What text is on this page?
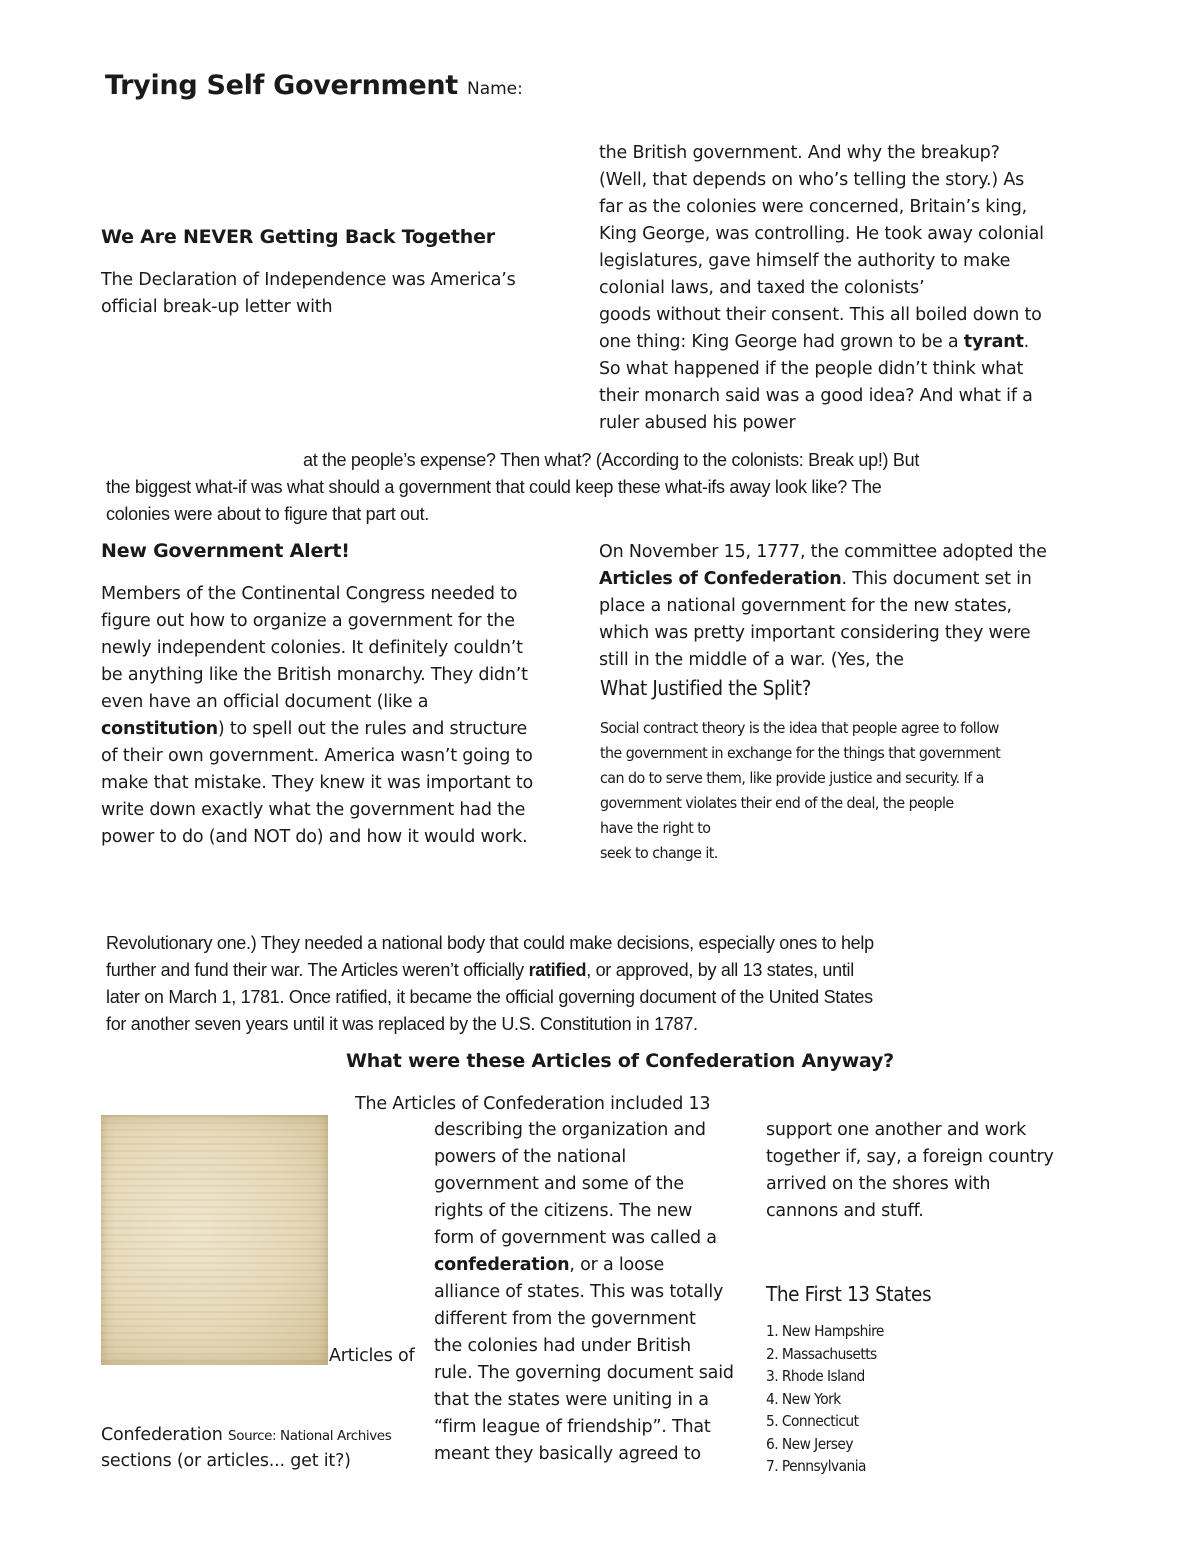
Trying Self Government Name:
We Are NEVER Getting Back Together
The Declaration of Independence was America’s
official break-up letter with
the British government. And why the breakup?
(Well, that depends on who’s telling the story.) As
far as the colonies were concerned, Britain’s king,
King George, was controlling. He took away colonial
legislatures, gave himself the authority to make
colonial laws, and taxed the colonists’
goods without their consent. This all boiled down to
one thing: King George had grown to be a tyrant.
So what happened if the people didn’t think what
their monarch said was a good idea? And what if a
ruler abused his power
at the people’s expense? Then what? (According to the colonists: Break up!) But
the biggest what-if was what should a government that could keep these what-ifs away look like? The
colonies were about to figure that part out.
New Government Alert!
Members of the Continental Congress needed to
figure out how to organize a government for the
newly independent colonies. It definitely couldn’t
be anything like the British monarchy. They didn’t
even have an official document (like a
constitution) to spell out the rules and structure
of their own government. America wasn’t going to
make that mistake. They knew it was important to
write down exactly what the government had the
power to do (and NOT do) and how it would work.
On November 15, 1777, the committee adopted the
Articles of Confederation. This document set in
place a national government for the new states,
which was pretty important considering they were
still in the middle of a war. (Yes, the
What Justified the Split?
Social contract theory is the idea that people agree to follow
the government in exchange for the things that government
can do to serve them, like provide justice and security. If a
government violates their end of the deal, the people
have the right to
seek to change it.
Revolutionary one.) They needed a national body that could make decisions, especially ones to help
further and fund their war. The Articles weren’t officially ratified, or approved, by all 13 states, until
later on March 1, 1781. Once ratified, it became the official governing document of the United States
for another seven years until it was replaced by the U.S. Constitution in 1787.
What were these Articles of Confederation Anyway?
The Articles of Confederation included 13
describing the organization and
powers of the national
government and some of the
rights of the citizens. The new
form of government was called a
confederation, or a loose
alliance of states. This was totally
different from the government
the colonies had under British
rule. The governing document said
that the states were uniting in a
“firm league of friendship”. That
meant they basically agreed to
support one another and work
together if, say, a foreign country
arrived on the shores with
cannons and stuff.
Articles of
Confederation Source: National Archives
sections (or articles... get it?)
The First 13 States
1. New Hampshire
2. Massachusetts
3. Rhode Island
4. New York
5. Connecticut
6. New Jersey
7. Pennsylvania
